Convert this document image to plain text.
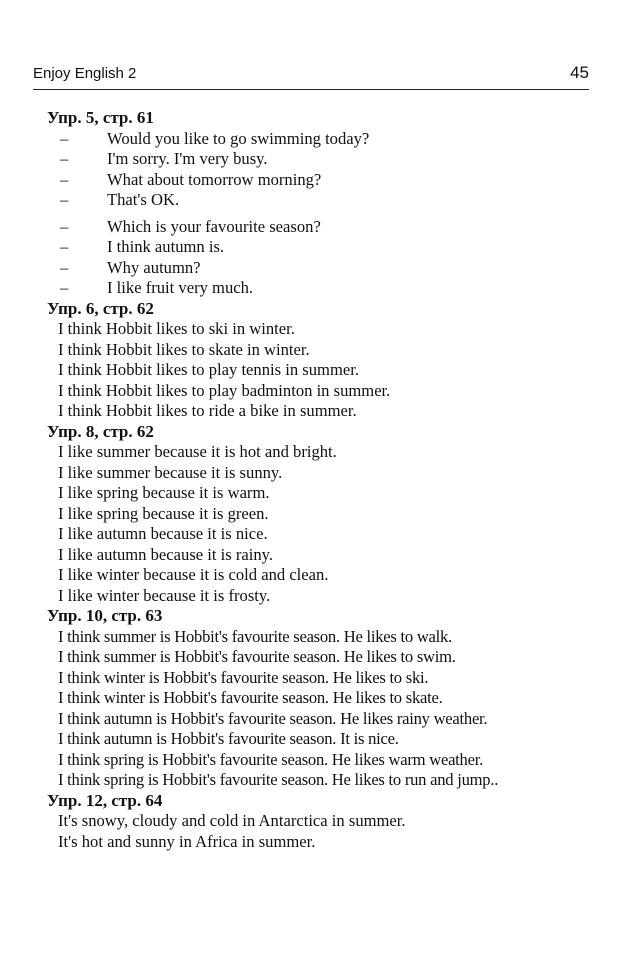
Enjoy English 2	45
Упр. 5, стр. 61
– Would you like to go swimming today?
– I'm sorry. I'm very busy.
– What about tomorrow morning?
– That's OK.
– Which is your favourite season?
– I think autumn is.
– Why autumn?
– I like fruit very much.
Упр. 6, стр. 62
I think Hobbit likes to ski in winter.
I think Hobbit likes to skate in winter.
I think Hobbit likes to play tennis in summer.
I think Hobbit likes to play badminton in summer.
I think Hobbit likes to ride a bike in summer.
Упр. 8, стр. 62
I like summer because it is hot and bright.
I like summer because it is sunny.
I like spring because it is warm.
I like spring because it is green.
I like autumn because it is nice.
I like autumn because it is rainy.
I like winter because it is cold and clean.
I like winter because it is frosty.
Упр. 10, стр. 63
I think summer is Hobbit's favourite season. He likes to walk.
I think summer is Hobbit's favourite season. He likes to swim.
I think winter is Hobbit's favourite season. He likes to ski.
I think winter is Hobbit's favourite season. He likes to skate.
I think autumn is Hobbit's favourite season. He likes rainy weather.
I think autumn is Hobbit's favourite season. It is nice.
I think spring is Hobbit's favourite season. He likes warm weather.
I think spring is Hobbit's favourite season. He likes to run and jump..
Упр. 12, стр. 64
It's snowy, cloudy and cold in Antarctica in summer.
It's hot and sunny in Africa in summer.
